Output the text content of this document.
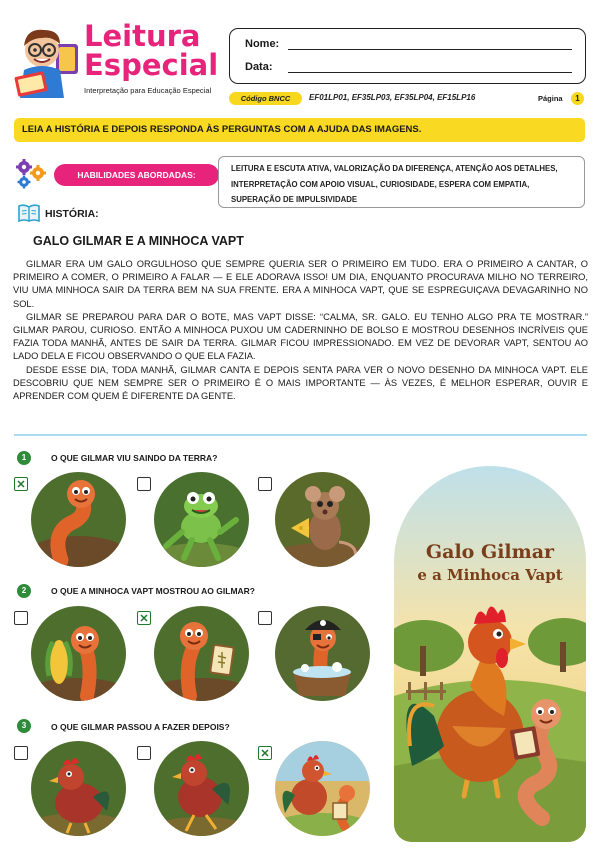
Leitura
Especial
Interpretação para Educação Especial
Nome:
Data:
Código BNCC	EF01LP01, EF35LP03, EF35LP04, EF15LP16	Página	1
LEIA A HISTÓRIA E DEPOIS RESPONDA ÀS PERGUNTAS COM A AJUDA DAS IMAGENS.
HABILIDADES ABORDADAS:
LEITURA E ESCUTA ATIVA, VALORIZAÇÃO DA DIFERENÇA, ATENÇÃO AOS DETALHES, INTERPRETAÇÃO COM APOIO VISUAL, CURIOSIDADE, ESPERA COM EMPATIA, SUPERAÇÃO DE IMPULSIVIDADE
HISTÓRIA:
GALO GILMAR E A MINHOCA VAPT

GILMAR ERA UM GALO ORGULHOSO QUE SEMPRE QUERIA SER O PRIMEIRO EM TUDO. ERA O PRIMEIRO A CANTAR, O PRIMEIRO A COMER, O PRIMEIRO A FALAR — E ELE ADORAVA ISSO! UM DIA, ENQUANTO PROCURAVA MILHO NO TERREIRO, VIU UMA MINHOCA SAIR DA TERRA BEM NA SUA FRENTE. ERA A MINHOCA VAPT, QUE SE ESPREGUIÇAVA DEVAGARINHO NO SOL.

GILMAR SE PREPAROU PARA DAR O BOTE, MAS VAPT DISSE: “CALMA, SR. GALO. EU TENHO ALGO PRA TE MOSTRAR.” GILMAR PAROU, CURIOSO. ENTÃO A MINHOCA PUXOU UM CADERNINHO DE BOLSO E MOSTROU DESENHOS INCRÍVEIS QUE FAZIA TODA MANHÃ, ANTES DE SAIR DA TERRA. GILMAR FICOU IMPRESSIONADO. EM VEZ DE DEVORAR VAPT, SENTOU AO LADO DELA E FICOU OBSERVANDO O QUE ELA FAZIA.

DESDE ESSE DIA, TODA MANHÃ, GILMAR CANTA E DEPOIS SENTA PARA VER O NOVO DESENHO DA MINHOCA VAPT. ELE DESCOBRIU QUE NEM SEMPRE SER O PRIMEIRO É O MAIS IMPORTANTE — ÀS VEZES, É MELHOR ESPERAR, OUVIR E APRENDER COM QUEM É DIFERENTE DA GENTE.

1	O QUE GILMAR VIU SAINDO DA TERRA?
✕
2	O QUE A MINHOCA VAPT MOSTROU AO GILMAR?
✕
3	O QUE GILMAR PASSOU A FAZER DEPOIS?
✕
Galo Gilmar
e a Minhoca Vapt
